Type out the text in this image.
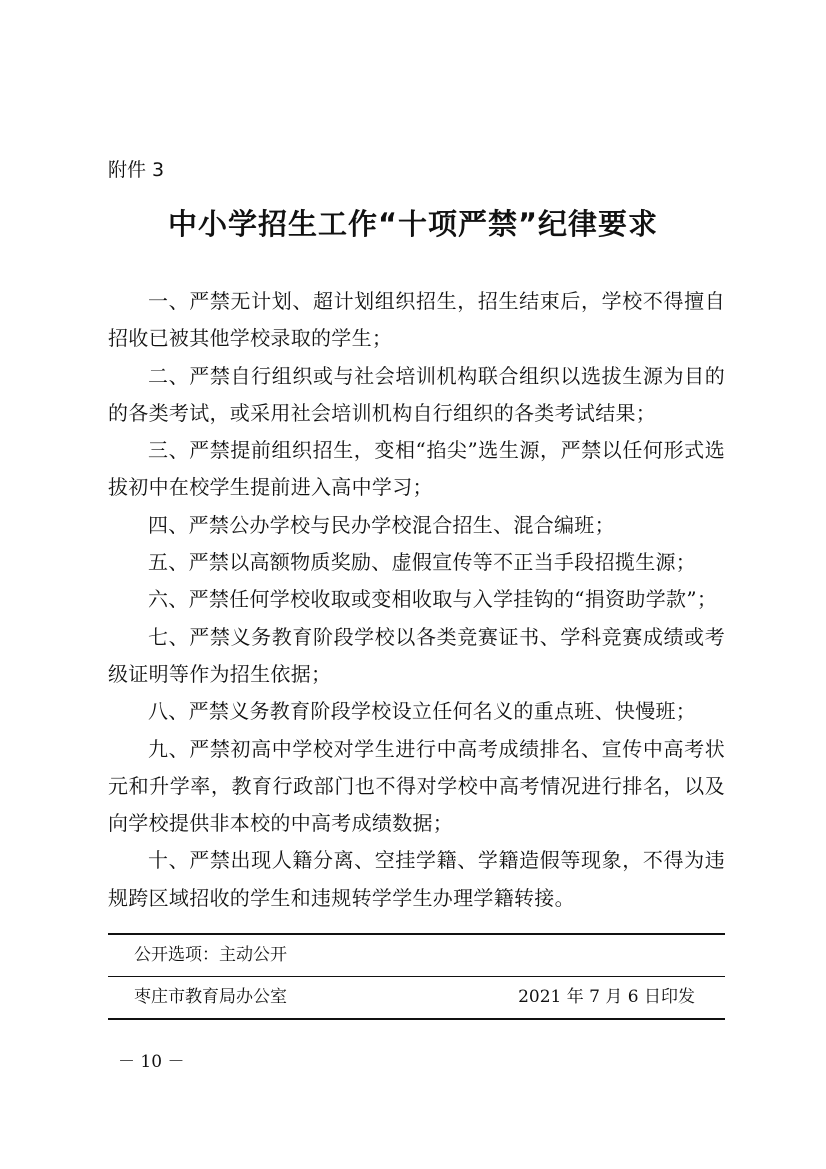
附件 3
中小学招生工作“十项严禁”纪律要求

一、严禁无计划、超计划组织招生，招生结束后，学校不得擅自招收已被其他学校录取的学生；

二、严禁自行组织或与社会培训机构联合组织以选拔生源为目的的各类考试，或采用社会培训机构自行组织的各类考试结果；

三、严禁提前组织招生，变相“掐尖”选生源，严禁以任何形式选拔初中在校学生提前进入高中学习；

四、严禁公办学校与民办学校混合招生、混合编班；

五、严禁以高额物质奖励、虚假宣传等不正当手段招揽生源；

六、严禁任何学校收取或变相收取与入学挂钩的“捐资助学款”；

七、严禁义务教育阶段学校以各类竞赛证书、学科竞赛成绩或考级证明等作为招生依据；

八、严禁义务教育阶段学校设立任何名义的重点班、快慢班；

九、严禁初高中学校对学生进行中高考成绩排名、宣传中高考状元和升学率，教育行政部门也不得对学校中高考情况进行排名，以及向学校提供非本校的中高考成绩数据；

十、严禁出现人籍分离、空挂学籍、学籍造假等现象，不得为违规跨区域招收的学生和违规转学学生办理学籍转接。

公开选项：主动公开
枣庄市教育局办公室	2021 年 7 月 6 日印发
－ 10 －
